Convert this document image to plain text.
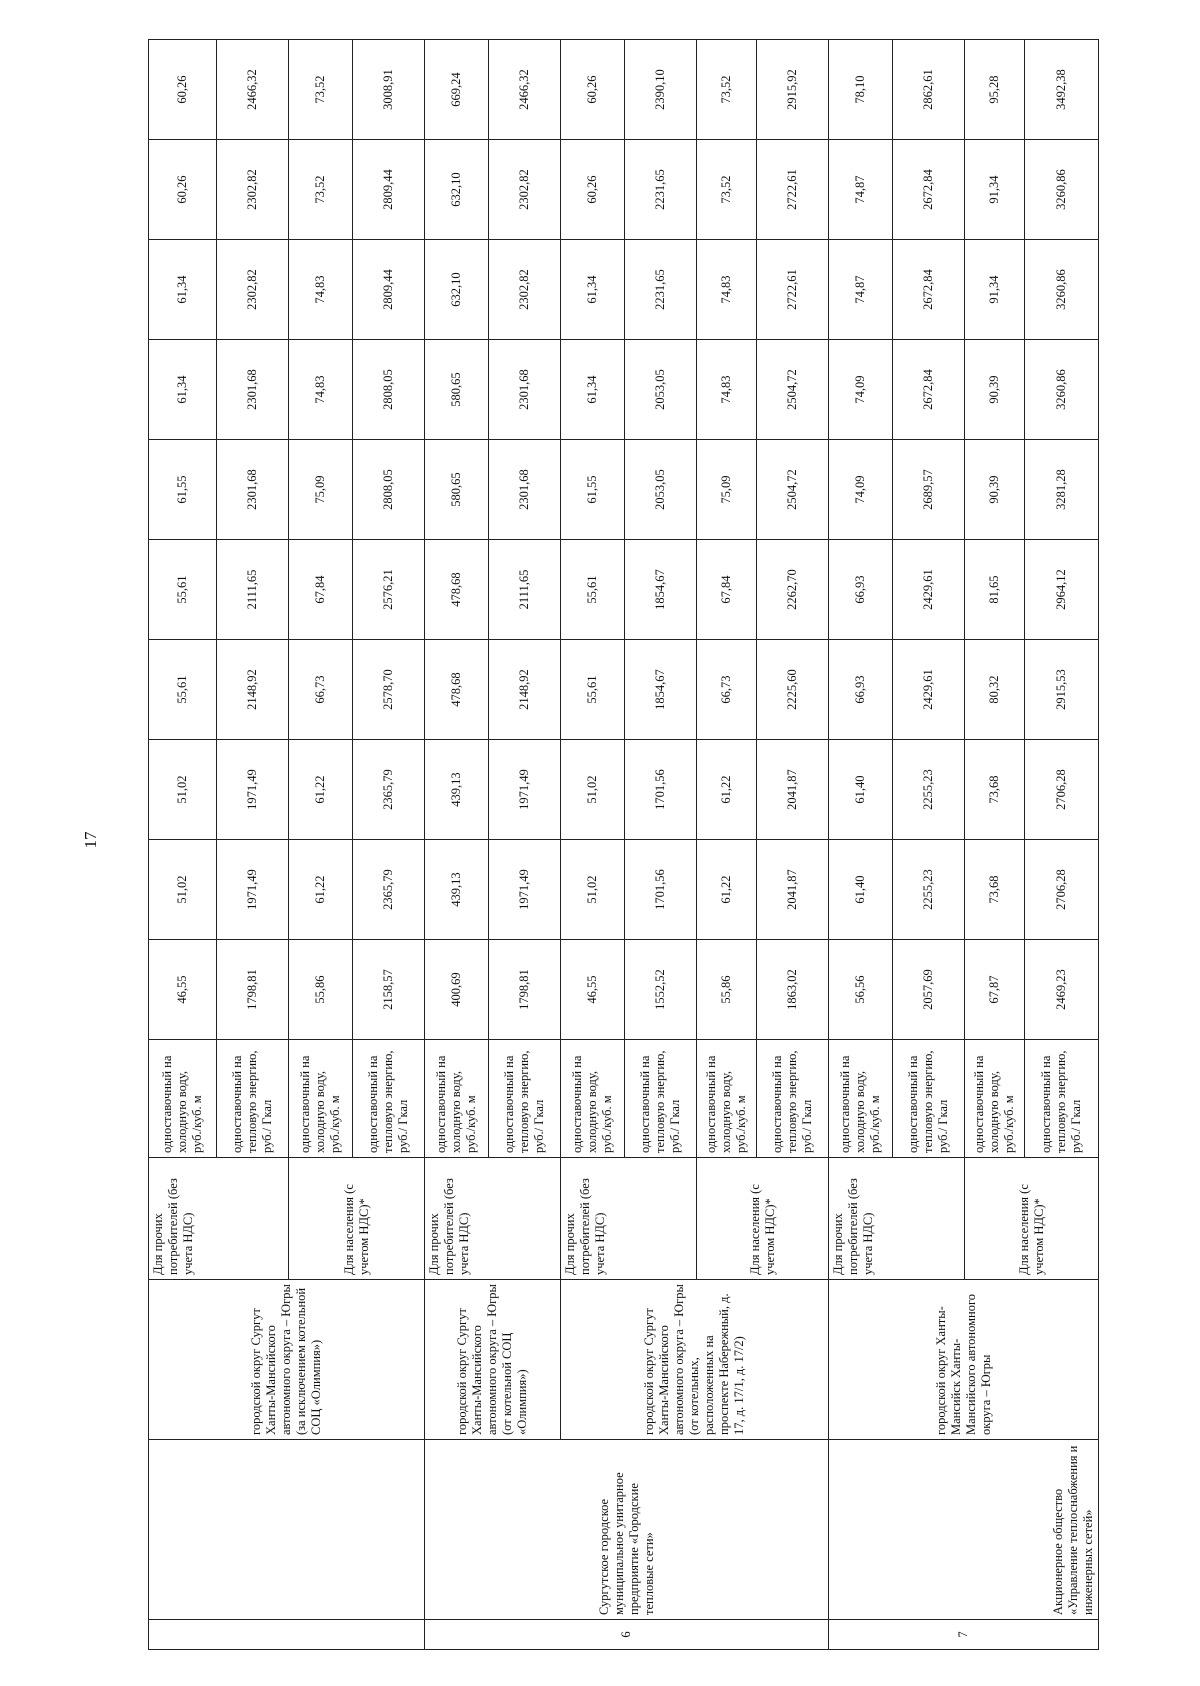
17
		городской округ Сургут Ханты-Мансийского автономного округа – Югры (за исключением котельной СОЦ «Олимпия»)	Для прочих потребителей (без учета НДС)	одноставочный на холодную воду, руб./куб. м	46,55	51,02	51,02	55,61	55,61	61,55	61,34	61,34	60,26	60,26
				одноставочный на тепловую энергию, руб./ Гкал	1798,81	1971,49	1971,49	2148,92	2111,65	2301,68	2301,68	2302,82	2302,82	2466,32
			Для населения (с учетом НДС)*	одноставочный на холодную воду, руб./куб. м	55,86	61,22	61,22	66,73	67,84	75,09	74,83	74,83	73,52	73,52
				одноставочный на тепловую энергию, руб./ Гкал	2158,57	2365,79	2365,79	2578,70	2576,21	2808,05	2808,05	2809,44	2809,44	3008,91
6	Сургутское городское муниципальное унитарное предприятие «Городские тепловые сети»	городской округ Сургут Ханты-Мансийского автономного округа – Югры (от котельной СОЦ «Олимпия»)	Для прочих потребителей (без учета НДС)	одноставочный на холодную воду, руб./куб. м	400,69	439,13	439,13	478,68	478,68	580,65	580,65	632,10	632,10	669,24
				одноставочный на тепловую энергию, руб./ Гкал	1798,81	1971,49	1971,49	2148,92	2111,65	2301,68	2301,68	2302,82	2302,82	2466,32
		городской округ Сургут Ханты-Мансийского автономного округа – Югры (от котельных, расположенных на проспекте Набережный, д. 17, д. 17/1, д. 17/2)	Для прочих потребителей (без учета НДС)	одноставочный на холодную воду, руб./куб. м	46,55	51,02	51,02	55,61	55,61	61,55	61,34	61,34	60,26	60,26
				одноставочный на тепловую энергию, руб./ Гкал	1552,52	1701,56	1701,56	1854,67	1854,67	2053,05	2053,05	2231,65	2231,65	2390,10
			Для населения (с учетом НДС)*	одноставочный на холодную воду, руб./куб. м	55,86	61,22	61,22	66,73	67,84	75,09	74,83	74,83	73,52	73,52
				одноставочный на тепловую энергию, руб./ Гкал	1863,02	2041,87	2041,87	2225,60	2262,70	2504,72	2504,72	2722,61	2722,61	2915,92
7	Акционерное общество «Управление теплоснабжения и инженерных сетей»	городской округ Ханты-Мансийск Ханты-Мансийского автономного округа – Югры	Для прочих потребителей (без учета НДС)	одноставочный на холодную воду, руб./куб. м	56,56	61,40	61,40	66,93	66,93	74,09	74,09	74,87	74,87	78,10
				одноставочный на тепловую энергию, руб./ Гкал	2057,69	2255,23	2255,23	2429,61	2429,61	2689,57	2672,84	2672,84	2672,84	2862,61
			Для населения (с учетом НДС)*	одноставочный на холодную воду, руб./куб. м	67,87	73,68	73,68	80,32	81,65	90,39	90,39	91,34	91,34	95,28
				одноставочный на тепловую энергию, руб./ Гкал	2469,23	2706,28	2706,28	2915,53	2964,12	3281,28	3260,86	3260,86	3260,86	3492,38
